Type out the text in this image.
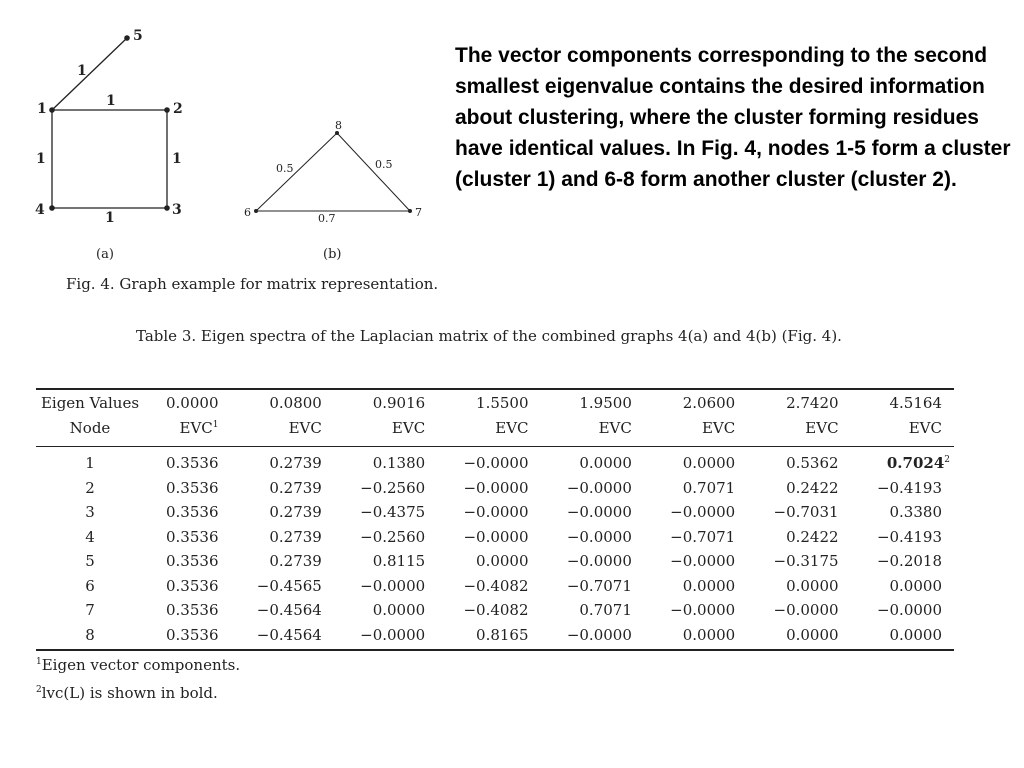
1	2
3
4
5
1
1
1
1
1
(a)
8
6	7
0.5	0.5
0.7
(b)
The vector components corresponding to the second smallest eigenvalue contains the desired information about clustering, where the cluster forming residues have identical values. In Fig. 4, nodes 1-5 form a cluster (cluster 1) and 6-8 form another cluster (cluster 2).
Fig. 4. Graph example for matrix representation.
Table 3. Eigen spectra of the Laplacian matrix of the combined graphs 4(a) and 4(b) (Fig. 4).
Eigen Values	0.0000	0.0800	0.9016	1.5500	1.9500	2.0600	2.7420	4.5164
Node	EVC$^1$	EVC	EVC	EVC	EVC	EVC	EVC	EVC

1	0.3536	0.2739	0.1380	−0.0000	0.0000	0.0000	0.5362	0.7024$^2$
2	0.3536	0.2739	−0.2560	−0.0000	−0.0000	0.7071	0.2422	−0.4193
3	0.3536	0.2739	−0.4375	−0.0000	−0.0000	−0.0000	−0.7031	0.3380
4	0.3536	0.2739	−0.2560	−0.0000	−0.0000	−0.7071	0.2422	−0.4193
5	0.3536	0.2739	0.8115	0.0000	−0.0000	−0.0000	−0.3175	−0.2018
6	0.3536	−0.4565	−0.0000	−0.4082	−0.7071	0.0000	0.0000	0.0000
7	0.3536	−0.4564	0.0000	−0.4082	0.7071	−0.0000	−0.0000	−0.0000
8	0.3536	−0.4564	−0.0000	0.8165	−0.0000	0.0000	0.0000	0.0000
$^1$Eigen vector components.
$^2$lvc(L) is shown in bold.
